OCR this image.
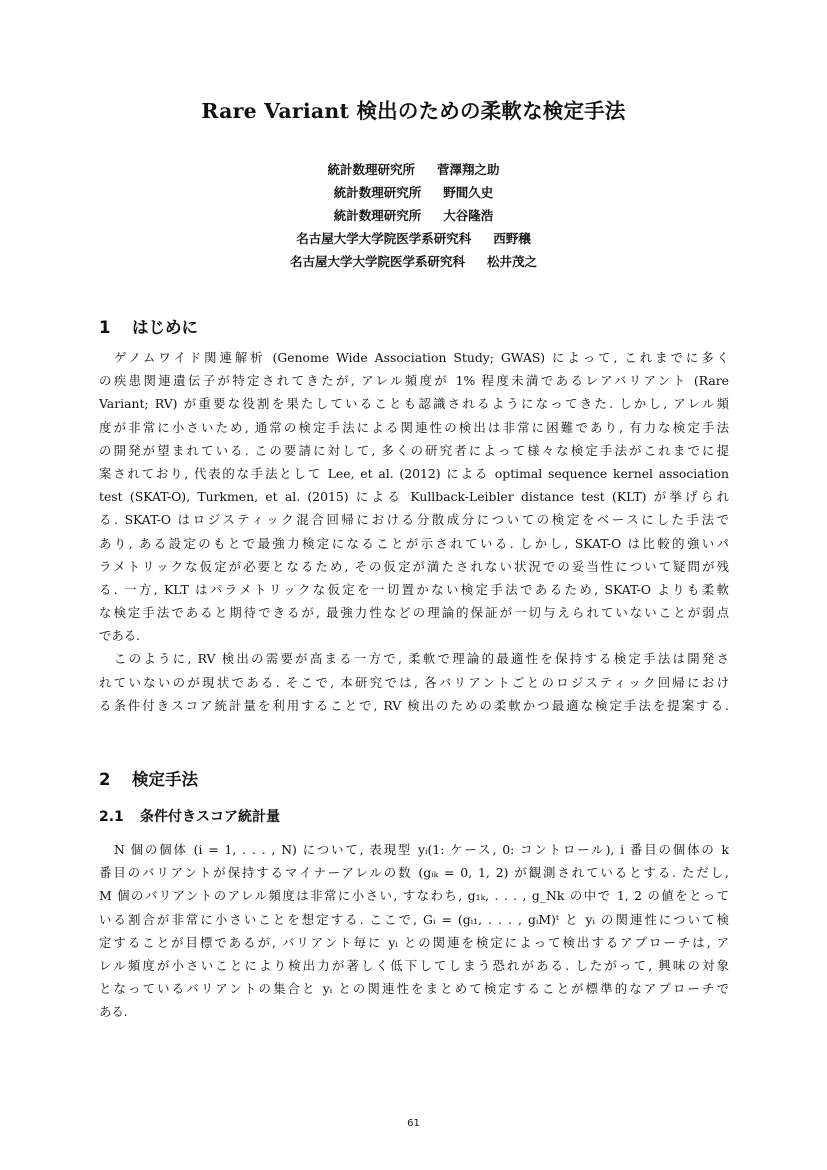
Rare Variant 検出のための柔軟な検定手法
統計数理研究所 菅澤翔之助
統計数理研究所 野間久史
統計数理研究所 大谷隆浩
名古屋大学大学院医学系研究科 西野穣
名古屋大学大学院医学系研究科 松井茂之
1 はじめに
ゲノムワイド関連解析 (Genome Wide Association Study; GWAS) によって, これまでに多く
の疾患関連遺伝子が特定されてきたが, アレル頻度が 1% 程度未満であるレアバリアント (Rare
Variant; RV) が重要な役割を果たしていることも認識されるようになってきた. しかし, アレル頻
度が非常に小さいため, 通常の検定手法による関連性の検出は非常に困難であり, 有力な検定手法
の開発が望まれている. この要請に対して, 多くの研究者によって様々な検定手法がこれまでに提
案されており, 代表的な手法として Lee, et al. (2012) による optimal sequence kernel association
test (SKAT-O), Turkmen, et al. (2015) による Kullback-Leibler distance test (KLT) が挙げられ
る. SKAT-O はロジスティック混合回帰における分散成分についての検定をベースにした手法で
あり, ある設定のもとで最強力検定になることが示されている. しかし, SKAT-O は比較的強いパ
ラメトリックな仮定が必要となるため, その仮定が満たされない状況での妥当性について疑問が残
る. 一方, KLT はパラメトリックな仮定を一切置かない検定手法であるため, SKAT-O よりも柔軟
な検定手法であると期待できるが, 最強力性などの理論的保証が一切与えられていないことが弱点
である.
このように, RV 検出の需要が高まる一方で, 柔軟で理論的最適性を保持する検定手法は開発さ
れていないのが現状である. そこで, 本研究では, 各バリアントごとのロジスティック回帰におけ
る条件付きスコア統計量を利用することで, RV 検出のための柔軟かつ最適な検定手法を提案する.
2 検定手法
2.1 条件付きスコア統計量
N 個の個体 (i = 1, . . . , N) について, 表現型 yᵢ(1: ケース, 0: コントロール), i 番目の個体の k
番目のバリアントが保持するマイナーアレルの数 (gᵢₖ = 0, 1, 2) が観測されているとする. ただし,
M 個のバリアントのアレル頻度は非常に小さい, すなわち, g₁ₖ, . . . , g_Nk の中で 1, 2 の値をとって
いる割合が非常に小さいことを想定する. ここで, Gᵢ = (gᵢ₁, . . . , gᵢM)ᵗ と yᵢ の関連性について検
定することが目標であるが, バリアント毎に yᵢ との関連を検定によって検出するアプローチは, ア
レル頻度が小さいことにより検出力が著しく低下してしまう恐れがある. したがって, 興味の対象
となっているバリアントの集合と yᵢ との関連性をまとめて検定することが標準的なアプローチで
ある.
61
